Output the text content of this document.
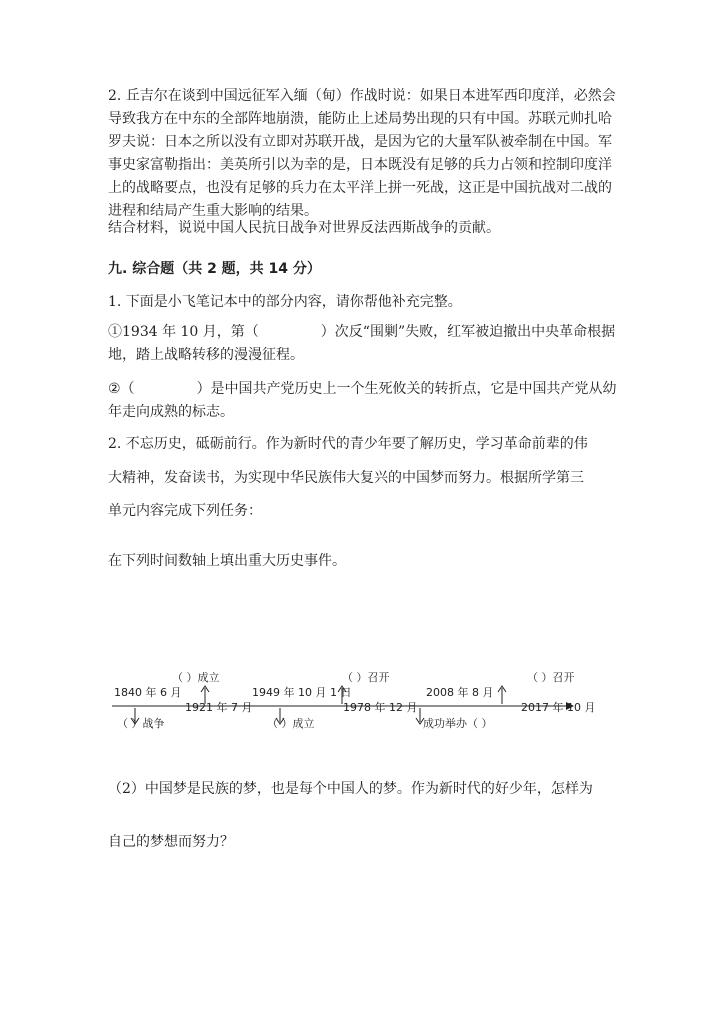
2. 丘吉尔在谈到中国远征军入缅（甸）作战时说：如果日本进军西印度洋，必然会导致我方在中东的全部阵地崩溃，能防止上述局势出现的只有中国。苏联元帅扎哈罗夫说：日本之所以没有立即对苏联开战，是因为它的大量军队被牵制在中国。军事史家富勒指出：美英所引以为幸的是，日本既没有足够的兵力占领和控制印度洋上的战略要点，也没有足够的兵力在太平洋上拼一死战，这正是中国抗战对二战的进程和结局产生重大影响的结果。

结合材料，说说中国人民抗日战争对世界反法西斯战争的贡献。

九. 综合题（共 2 题，共 14 分）

1. 下面是小飞笔记本中的部分内容，请你帮他补充完整。

①1934 年 10 月，第（	）次反“围剿”失败，红军被迫撤出中央革命根据地，踏上战略转移的漫漫征程。

②（	）是中国共产党历史上一个生死攸关的转折点，它是中国共产党从幼年走向成熟的标志。

2. 不忘历史，砥砺前行。作为新时代的青少年要了解历史，学习革命前辈的伟

大精神，发奋读书，为实现中华民族伟大复兴的中国梦而努力。根据所学第三

单元内容完成下列任务：

在下列时间数轴上填出重大历史事件。

（ ）成立	（ ）召开	（ ）召开
1840 年 6 月	1949 年 10 月 1 日	2008 年 8 月
1921 年 7 月	1978 年 12 月	2017 年 10 月
（ ）战争	（ ）成立	成功举办（ ）

（2）中国梦是民族的梦，也是每个中国人的梦。作为新时代的好少年，怎样为

自己的梦想而努力？
